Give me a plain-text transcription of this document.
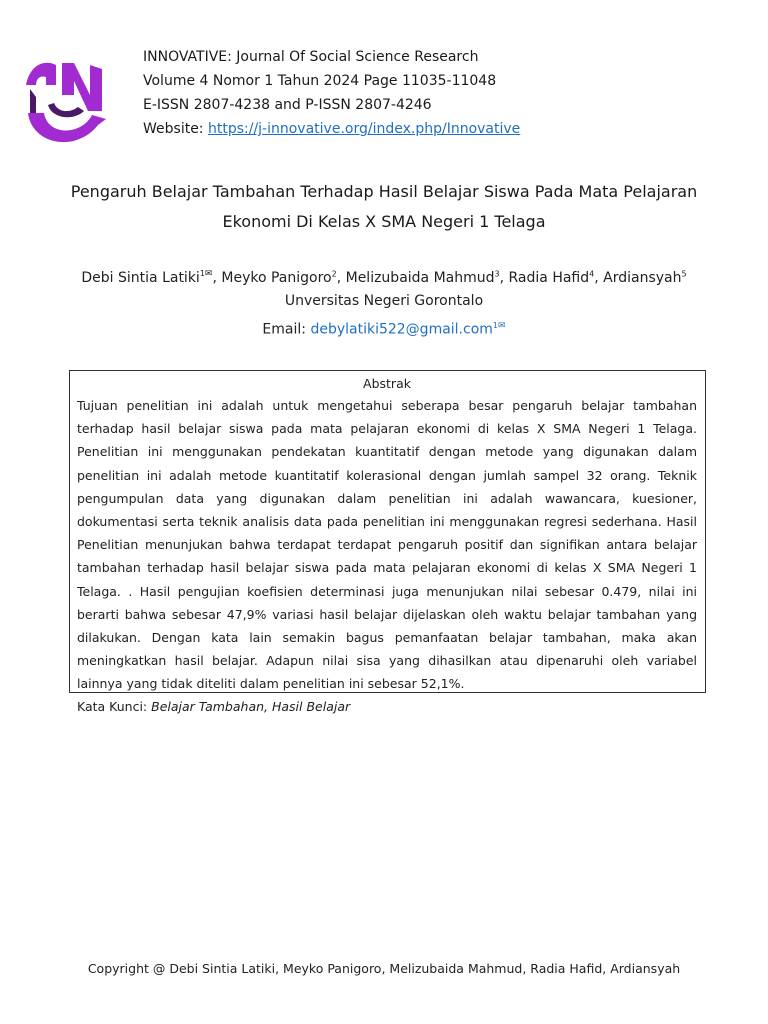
INNOVATIVE: Journal Of Social Science Research
Volume 4 Nomor 1 Tahun 2024 Page 11035-11048
E-ISSN 2807-4238 and P-ISSN 2807-4246
Website: https://j-innovative.org/index.php/Innovative
Pengaruh Belajar Tambahan Terhadap Hasil Belajar Siswa Pada Mata Pelajaran
Ekonomi Di Kelas X SMA Negeri 1 Telaga
Debi Sintia Latiki$^{1✉}$, Meyko Panigoro$^2$, Melizubaida Mahmud$^3$, Radia Hafid$^4$, Ardiansyah$^5$
Unversitas Negeri Gorontalo
Email: debylatiki522@gmail.com$^{1✉}$
Abstrak

Tujuan penelitian ini adalah untuk mengetahui seberapa besar pengaruh belajar tambahan terhadap hasil belajar siswa pada mata pelajaran ekonomi di kelas X SMA Negeri 1 Telaga. Penelitian ini menggunakan pendekatan kuantitatif dengan metode yang digunakan dalam penelitian ini adalah metode kuantitatif kolerasional dengan jumlah sampel 32 orang. Teknik pengumpulan data yang digunakan dalam penelitian ini adalah wawancara, kuesioner, dokumentasi serta teknik analisis data pada penelitian ini menggunakan regresi sederhana. Hasil Penelitian menunjukan bahwa terdapat terdapat pengaruh positif dan signifikan antara belajar tambahan terhadap hasil belajar siswa pada mata pelajaran ekonomi di kelas X SMA Negeri 1 Telaga. . Hasil pengujian koefisien determinasi juga menunjukan nilai sebesar 0.479, nilai ini berarti bahwa sebesar 47,9% variasi hasil belajar dijelaskan oleh waktu belajar tambahan yang dilakukan. Dengan kata lain semakin bagus pemanfaatan belajar tambahan, maka akan meningkatkan hasil belajar. Adapun nilai sisa yang dihasilkan atau dipenaruhi oleh variabel lainnya yang tidak diteliti dalam penelitian ini sebesar 52,1%.

Kata Kunci: Belajar Tambahan, Hasil Belajar
Copyright @ Debi Sintia Latiki, Meyko Panigoro, Melizubaida Mahmud, Radia Hafid, Ardiansyah
